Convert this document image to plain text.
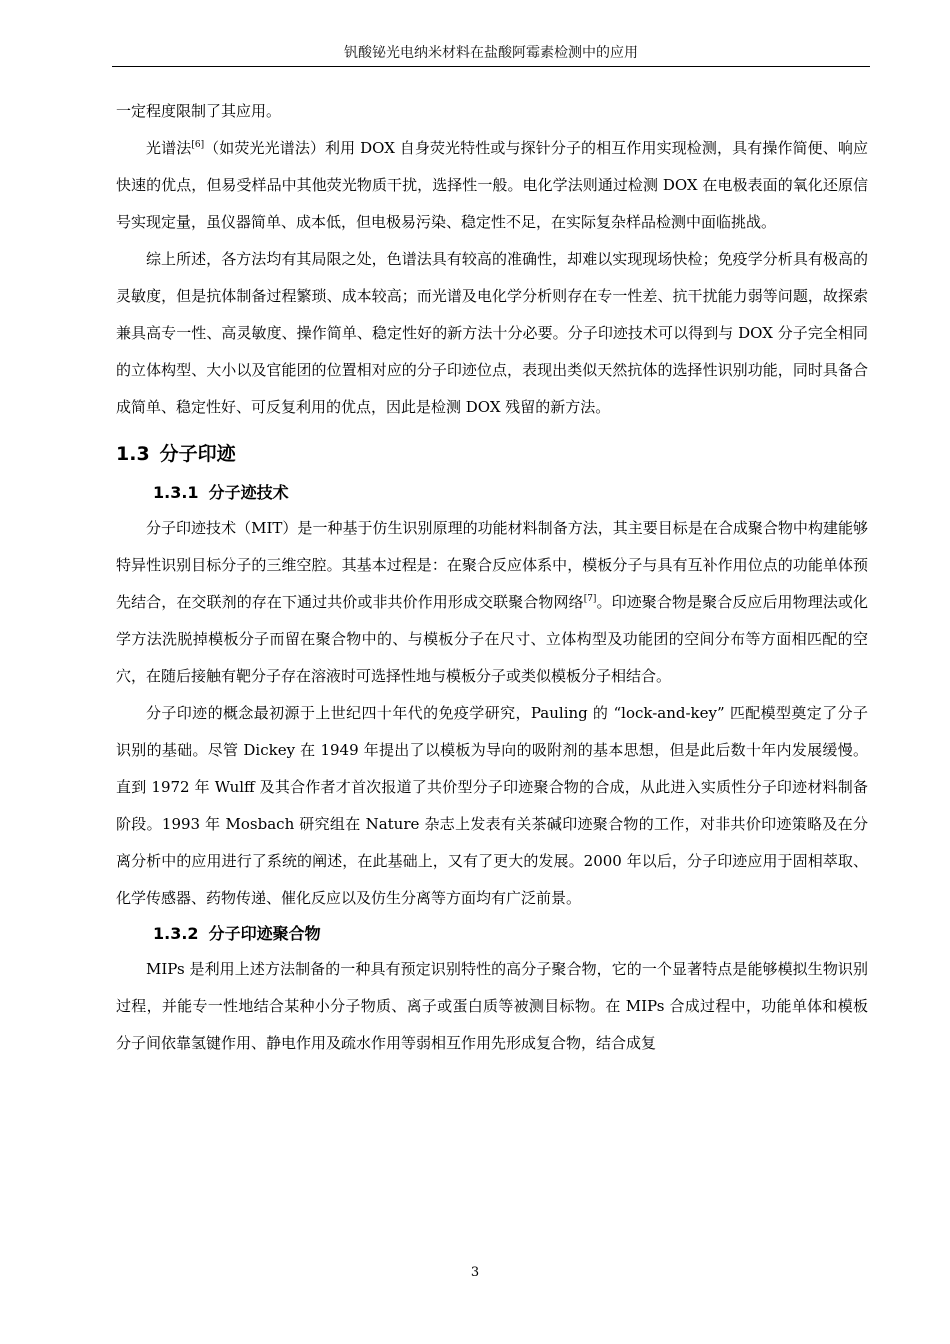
钒酸铋光电纳米材料在盐酸阿霉素检测中的应用

一定程度限制了其应用。

光谱法[6]（如荧光光谱法）利用 DOX 自身荧光特性或与探针分子的相互作用实现检测，具有操作简便、响应快速的优点，但易受样品中其他荧光物质干扰，选择性一般。电化学法则通过检测 DOX 在电极表面的氧化还原信号实现定量，虽仪器简单、成本低，但电极易污染、稳定性不足，在实际复杂样品检测中面临挑战。

综上所述，各方法均有其局限之处，色谱法具有较高的准确性，却难以实现现场快检；免疫学分析具有极高的灵敏度，但是抗体制备过程繁琐、成本较高；而光谱及电化学分析则存在专一性差、抗干扰能力弱等问题，故探索兼具高专一性、高灵敏度、操作简单、稳定性好的新方法十分必要。分子印迹技术可以得到与 DOX 分子完全相同的立体构型、大小以及官能团的位置相对应的分子印迹位点，表现出类似天然抗体的选择性识别功能，同时具备合成简单、稳定性好、可反复利用的优点，因此是检测 DOX 残留的新方法。

1.3 分子印迹
1.3.1 分子迹技术

分子印迹技术（MIT）是一种基于仿生识别原理的功能材料制备方法，其主要目标是在合成聚合物中构建能够特异性识别目标分子的三维空腔。其基本过程是：在聚合反应体系中，模板分子与具有互补作用位点的功能单体预先结合，在交联剂的存在下通过共价或非共价作用形成交联聚合物网络[7]。印迹聚合物是聚合反应后用物理法或化学方法洗脱掉模板分子而留在聚合物中的、与模板分子在尺寸、立体构型及功能团的空间分布等方面相匹配的空穴，在随后接触有靶分子存在溶液时可选择性地与模板分子或类似模板分子相结合。

分子印迹的概念最初源于上世纪四十年代的免疫学研究，Pauling 的 “lock-and-key” 匹配模型奠定了分子识别的基础。尽管 Dickey 在 1949 年提出了以模板为导向的吸附剂的基本思想，但是此后数十年内发展缓慢。直到 1972 年 Wulff 及其合作者才首次报道了共价型分子印迹聚合物的合成，从此进入实质性分子印迹材料制备阶段。1993 年 Mosbach 研究组在 Nature 杂志上发表有关茶碱印迹聚合物的工作，对非共价印迹策略及在分离分析中的应用进行了系统的阐述，在此基础上，又有了更大的发展。2000 年以后，分子印迹应用于固相萃取、化学传感器、药物传递、催化反应以及仿生分离等方面均有广泛前景。

1.3.2 分子印迹聚合物

MIPs 是利用上述方法制备的一种具有预定识别特性的高分子聚合物，它的一个显著特点是能够模拟生物识别过程，并能专一性地结合某种小分子物质、离子或蛋白质等被测目标物。在 MIPs 合成过程中，功能单体和模板分子间依靠氢键作用、静电作用及疏水作用等弱相互作用先形成复合物，结合成复

3
